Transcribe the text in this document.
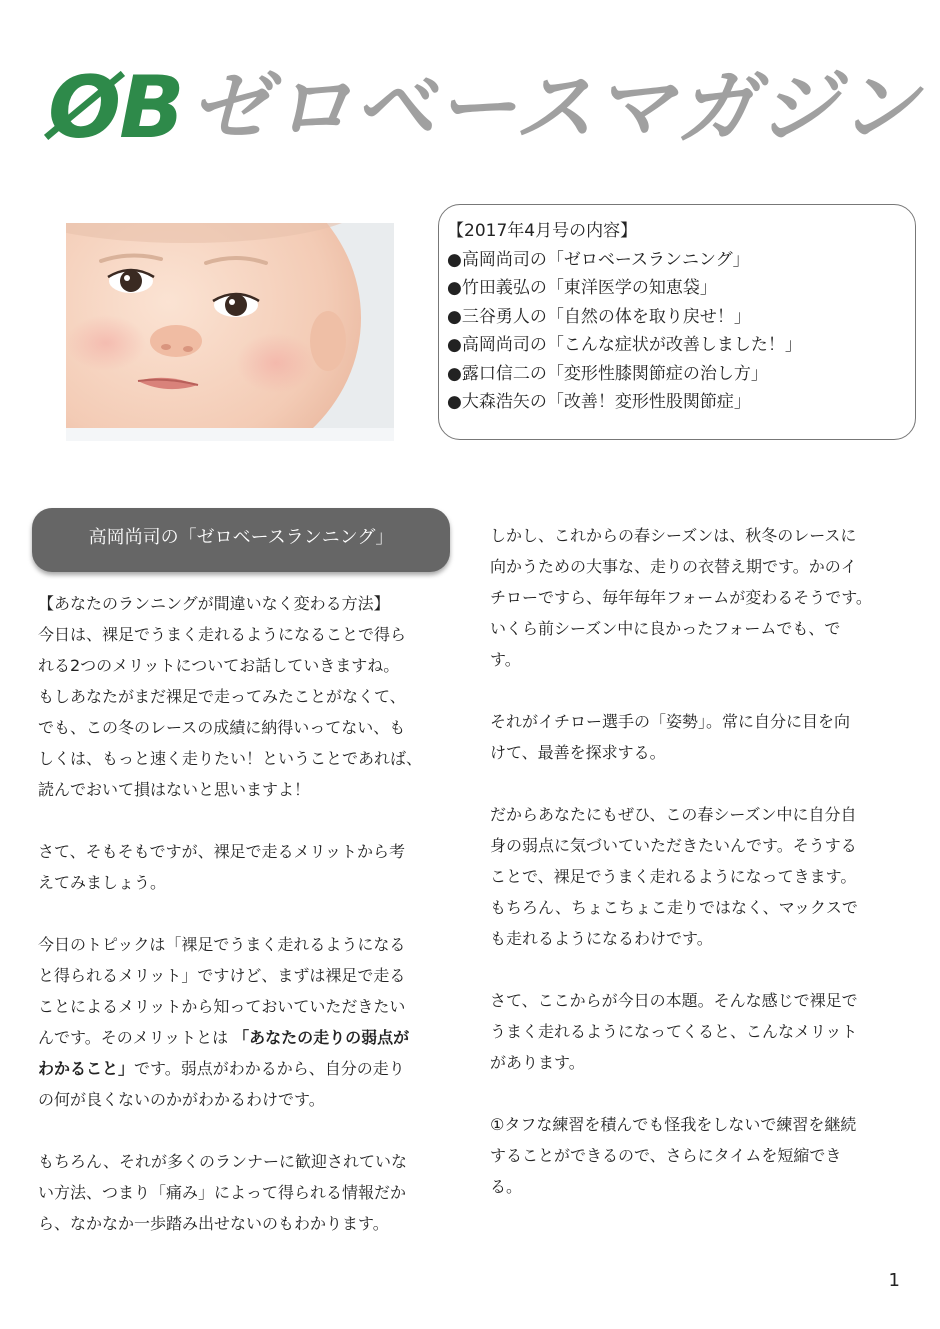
ØB ゼロベースマガジン
【2017年4月号の内容】
●高岡尚司の「ゼロベースランニング」
●竹田義弘の「東洋医学の知恵袋」
●三谷勇人の「自然の体を取り戻せ！」
●高岡尚司の「こんな症状が改善しました！」
●露口信二の「変形性膝関節症の治し方」
●大森浩矢の「改善！変形性股関節症」
高岡尚司の「ゼロベースランニング」

【あなたのランニングが間違いなく変わる方法】

今日は、裸足でうまく走れるようになることで得ら

れる2つのメリットについてお話していきますね。

もしあなたがまだ裸足で走ってみたことがなくて、

でも、この冬のレースの成績に納得いってない、も

しくは、もっと速く走りたい！ということであれば、

読んでおいて損はないと思いますよ！

さて、そもそもですが、裸足で走るメリットから考

えてみましょう。

今日のトピックは「裸足でうまく走れるようになる

と得られるメリット」ですけど、まずは裸足で走る

ことによるメリットから知っておいていただきたい

んです。そのメリットとは 「あなたの走りの弱点が

わかること」です。弱点がわかるから、自分の走り

の何が良くないのかがわかるわけです。

もちろん、それが多くのランナーに歓迎されていな

い方法、つまり「痛み」によって得られる情報だか

ら、なかなか一歩踏み出せないのもわかります。

しかし、これからの春シーズンは、秋冬のレースに

向かうための大事な、走りの衣替え期です。かのイ

チローですら、毎年毎年フォームが変わるそうです。

いくら前シーズン中に良かったフォームでも、で

す。

それがイチロー選手の「姿勢」。常に自分に目を向

けて、最善を探求する。

だからあなたにもぜひ、この春シーズン中に自分自

身の弱点に気づいていただきたいんです。そうする

ことで、裸足でうまく走れるようになってきます。

もちろん、ちょこちょこ走りではなく、マックスで

も走れるようになるわけです。

さて、ここからが今日の本題。そんな感じで裸足で

うまく走れるようになってくると、こんなメリット

があります。

①タフな練習を積んでも怪我をしないで練習を継続

することができるので、さらにタイムを短縮でき

る。

1
